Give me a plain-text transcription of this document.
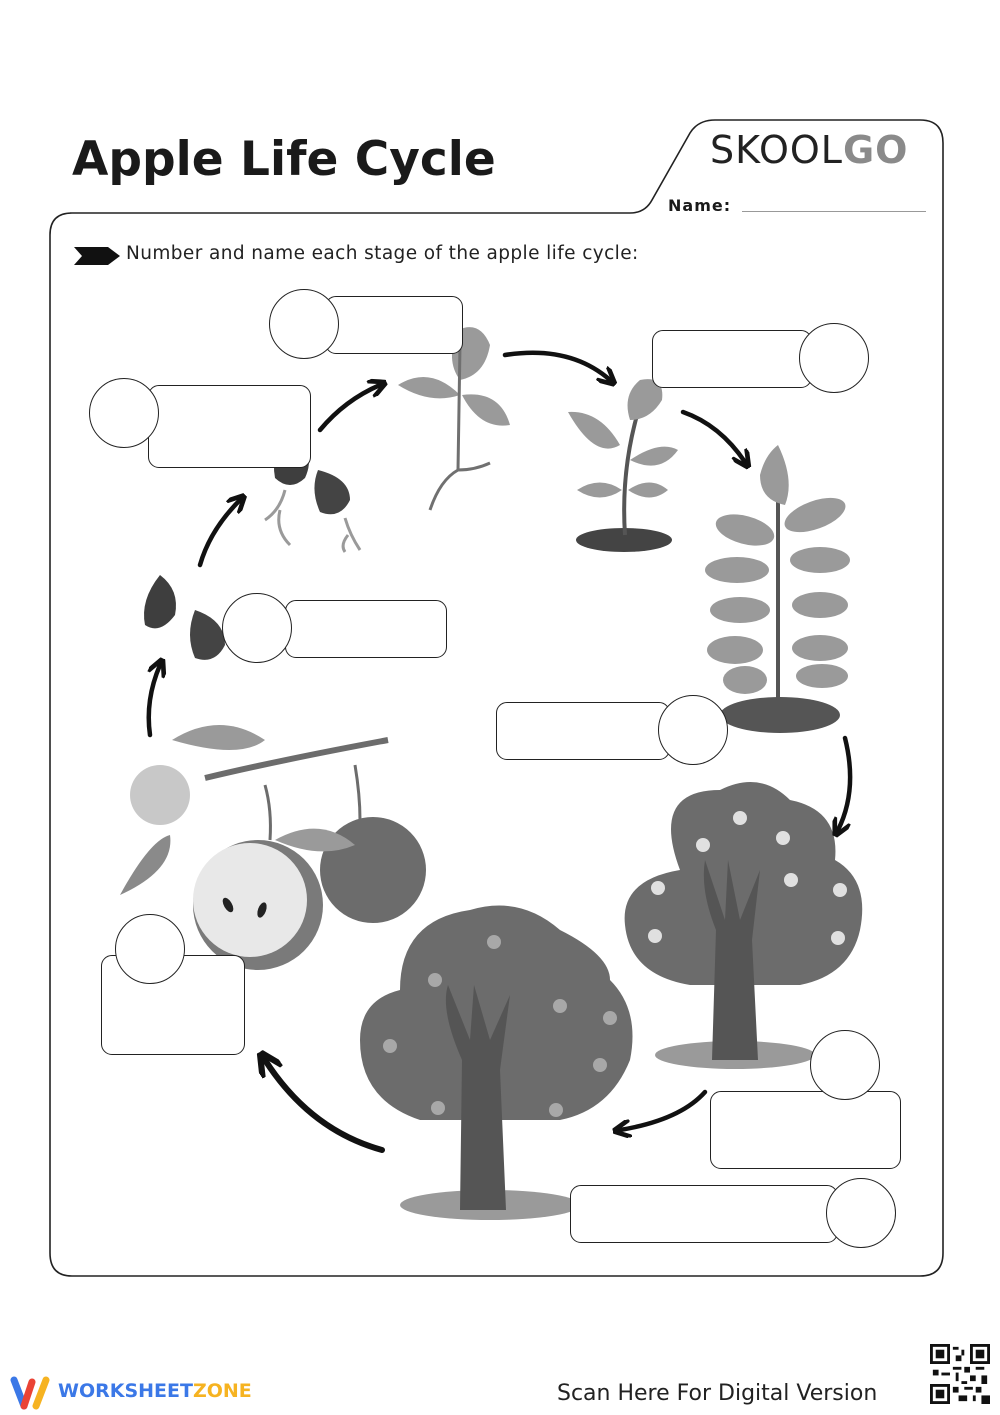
Apple Life Cycle	SKOOLGO
Name:
Number and name each stage of the apple life cycle:
WORKSHEETZONE	Scan Here For Digital Version
